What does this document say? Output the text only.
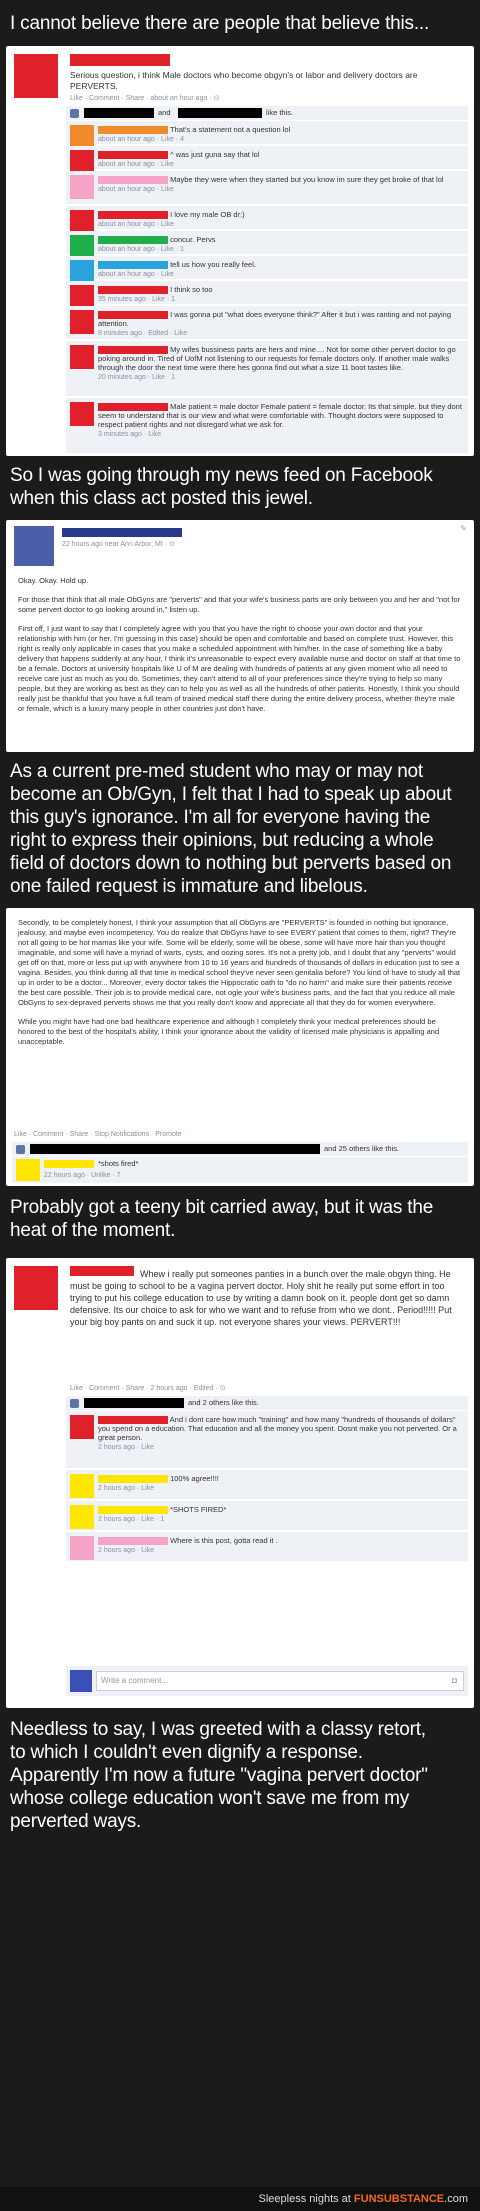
I cannot believe there are people that believe this...
Serious question, i think Male doctors who become obgyn's or labor and delivery doctors are PERVERTS.
Like · Comment · Share · about an hour ago · ⊙
and	like this.
That's a statement not a question lol
about an hour ago · Like · 4
^ was just guna say that lol
about an hour ago · Like
Maybe they were when they started but you know im sure they get broke of that lol
about an hour ago · Like
I love my male OB dr:)
about an hour ago · Like
concur. Pervs
about an hour ago · Like · 1
tell us how you really feel.
about an hour ago · Like
I think so too
35 minutes ago · Like · 1
I was gonna put "what does everyone think?" After it but i was ranting and not paying attention.
8 minutes ago · Edited · Like
My wifes bussiness parts are hers and mine.... Not for some other pervert doctor to go poking around in. Tired of UofM not listening to our requests for female doctors only. If another male walks through the door the next time were there hes gonna find out what a size 11 boot tastes like.
20 minutes ago · Like · 1
Male patient = male doctor Female patient = female doctor. Its that simple. but they dont seem to understand that is our view and what were comfortable with. Thought doctors were supposed to respect patient rights and not disregard what we ask for.
3 minutes ago · Like
So I was going through my news feed on Facebook
when this class act posted this jewel.
22 hours ago near Ann Arbor, MI · ⊙
✎

Okay. Okay. Hold up.

For those that think that all male ObGyns are "perverts" and that your wife's business parts are only between you and her and "not for some pervert doctor to go looking around in," listen up.

First off, I just want to say that I completely agree with you that you have the right to choose your own doctor and that your relationship with him (or her, I'm guessing in this case) should be open and comfortable and based on complete trust. However, this right is really only applicable in cases that you make a scheduled appointment with him/her. In the case of something like a baby delivery that happens suddenly at any hour, I think it's unreasonable to expect every available nurse and doctor on staff at that time to be a female. Doctors at university hospitals like U of M are dealing with hundreds of patients at any given moment who all need to receive care just as much as you do. Sometimes, they can't attend to all of your preferences since they're trying to help so many people, but they are working as best as they can to help you as well as all the hundreds of other patients. Honestly, I think you should really just be thankful that you have a full team of trained medical staff there during the entire delivery process, whether they're male or female, which is a luxury many people in other countries just don't have.

As a current pre-med student who may or may not
become an Ob/Gyn, I felt that I had to speak up about
this guy's ignorance. I'm all for everyone having the
right to express their opinions, but reducing a whole
field of doctors down to nothing but perverts based on
one failed request is immature and libelous.

Secondly, to be completely honest, I think your assumption that all ObGyns are "PERVERTS" is founded in nothing but ignorance, jealousy, and maybe even incompetency. You do realize that ObGyns have to see EVERY patient that comes to them, right? They're not all going to be hot mamas like your wife. Some will be elderly, some will be obese, some will have more hair than you thought imaginable, and some will have a myriad of warts, cysts, and oozing sores. It's not a pretty job, and I doubt that any "perverts" would get off on that, more or less put up with anywhere from 10 to 16 years and hundreds of thousands of dollars in education just to see a vagina. Besides, you think during all that time in medical school they've never seen genitalia before? You kind of have to study all that up in order to be a doctor... Moreover, every doctor takes the Hippocratic oath to "do no harm" and make sure their patients receive the best care possible. Their job is to provide medical care, not ogle your wife's business parts, and the fact that you reduce all male ObGyns to sex-depraved perverts shows me that you really don't know and appreciate all that they do for women everywhere.

While you might have had one bad healthcare experience and although I completely think your medical preferences should be honored to the best of the hospital's ability, I think your ignorance about the validity of licensed male physicians is appalling and unacceptable.

Like · Comment · Share · Stop Notifications · Promote
and 25 others like this.
*shots fired*
22 hours ago · Unlike · 7
Probably got a teeny bit carried away, but it was the
heat of the moment.
Whew i really put someones panties in a bunch over the male obgyn thing. He must be going to school to be a vagina pervert doctor. Holy shit he really put some effort in too trying to put his college education to use by writing a damn book on it. people dont get so damn defensive. Its our choice to ask for who we want and to refuse from who we dont.. Period!!!!! Put your big boy pants on and suck it up. not everyone shares your views. PERVERT!!!
Like · Comment · Share · 2 hours ago · Edited · ⊙
and 2 others like this.
And i dont care how much "training" and how many "hundreds of thousands of dollars" you spend on a education. That education and all the money you spent. Dosnt make you not perverted. Or a great person.
2 hours ago · Like
100% agree!!!!
2 hours ago · Like
*SHOTS FIRED*
2 hours ago · Like · 1
Where is this post, gotta read it .
2 hours ago · Like
Write a comment...	◘
Needless to say, I was greeted with a classy retort,
to which I couldn't even dignify a response.
Apparently I'm now a future "vagina pervert doctor"
whose college education won't save me from my
perverted ways.
Sleepless nights at FUNSUBSTANCE.com
